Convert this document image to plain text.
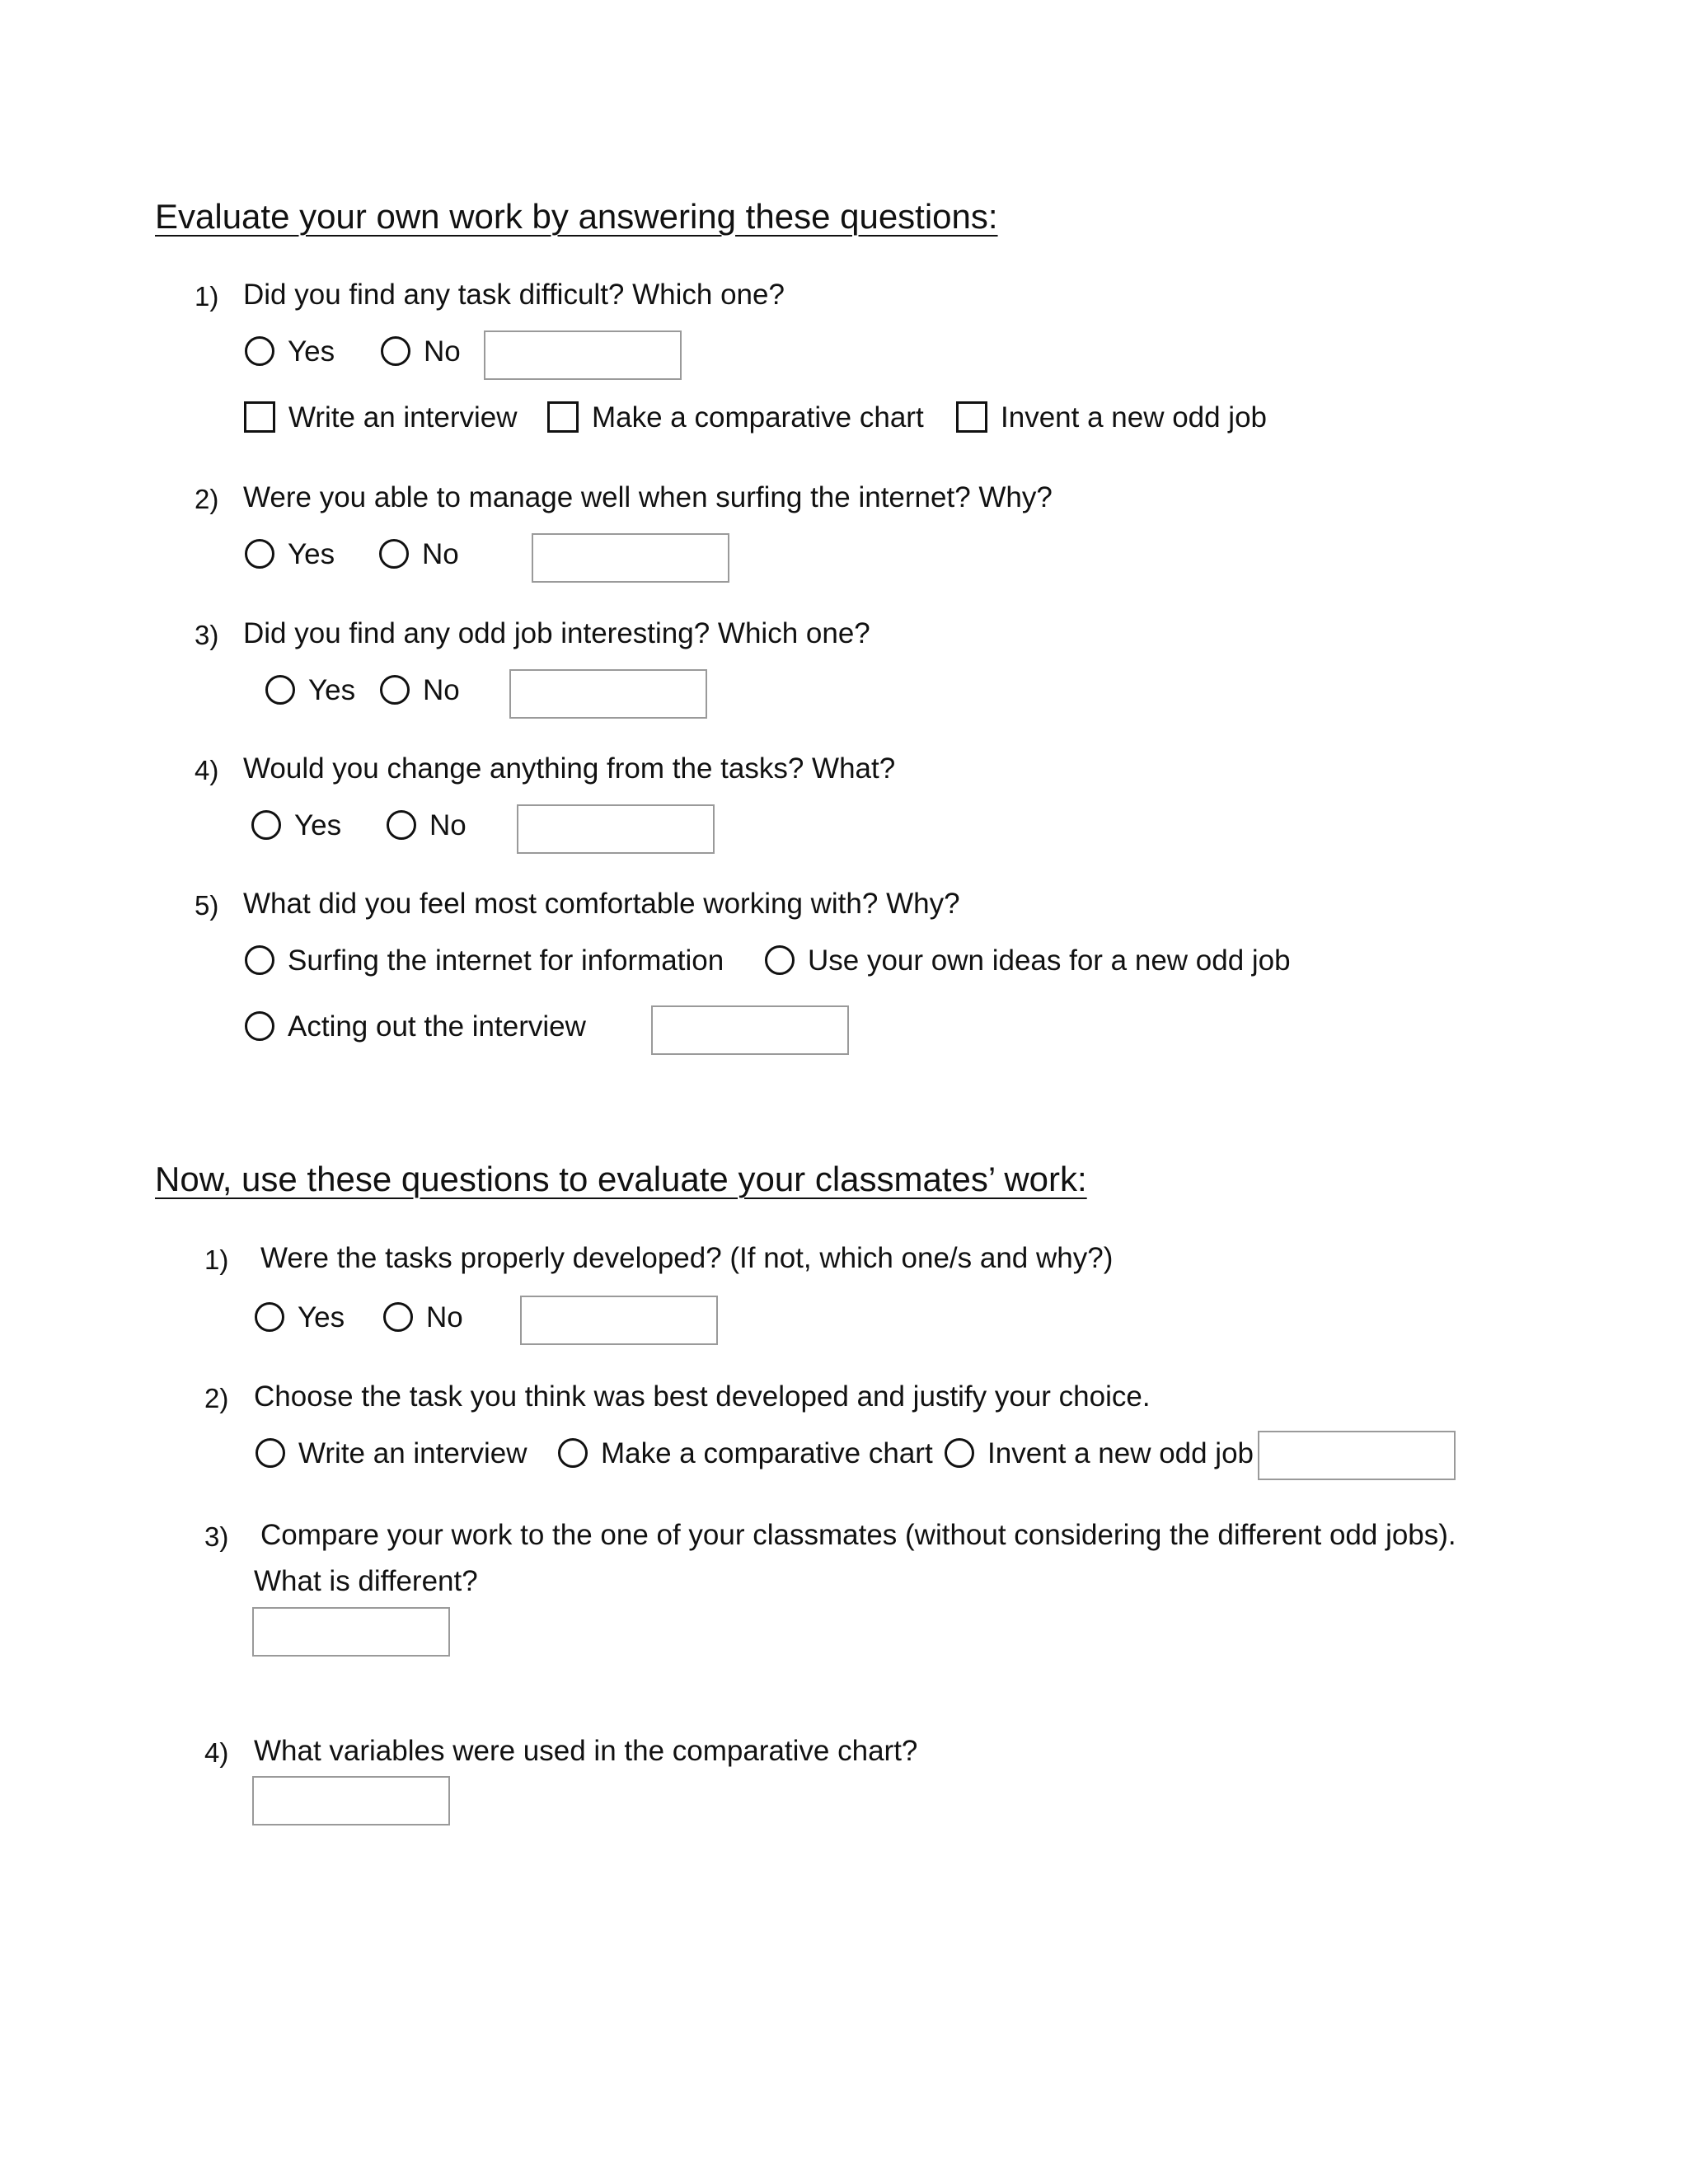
Evaluate your own work by answering these questions:
1) Did you find any task difficult? Which one?
Yes	No
Write an interview	Make a comparative chart	Invent a new odd job
2) Were you able to manage well when surfing the internet? Why?
Yes	No
3) Did you find any odd job interesting? Which one?
Yes No
4) Would you change anything from the tasks? What?
Yes	No
5) What did you feel most comfortable working with? Why?
Surfing the internet for information	Use your own ideas for a new odd job
Acting out the interview
Now, use these questions to evaluate your classmates’ work:
1) Were the tasks properly developed? (If not, which one/s and why?)
Yes	No
2) Choose the task you think was best developed and justify your choice.
Write an interview	Make a comparative chart Invent a new odd job
3) Compare your work to the one of your classmates (without considering the different odd jobs).
What is different?
4) What variables were used in the comparative chart?
